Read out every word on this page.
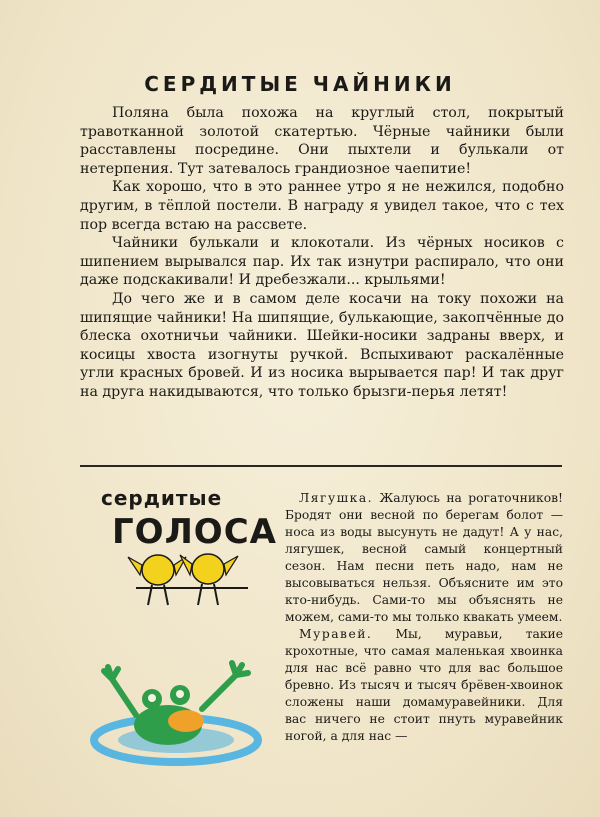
СЕРДИТЫЕ ЧАЙНИКИ

Поляна была похожа на круглый стол, покрытый травотканной золотой скатертью. Чёрные чайники были расставлены посредине. Они пыхтели и булькали от нетерпения. Тут затевалось грандиозное чаепитие!

Как хорошо, что в это раннее утро я не нежился, подобно другим, в тёплой постели. В награду я увидел такое, что с тех пор всегда встаю на рассвете.

Чайники булькали и клокотали. Из чёрных носиков с шипением вырывался пар. Их так изнутри распирало, что они даже подскакивали! И дребезжали... крыльями!

До чего же и в самом деле косачи на току похожи на шипящие чайники! На шипящие, булькающие, закопчённые до блеска охотничьи чайники. Шейки-носики задраны вверх, и косицы хвоста изогнуты ручкой. Вспыхивают раскалённые угли красных бровей. И из носика вырывается пар! И так друг на друга накидываются, что только брызги-перья летят!

сердитые
ГОЛОСА

Лягушка. Жалуюсь на рогаточников! Бродят они весной по берегам болот — носа из воды высунуть не дадут! А у нас, лягушек, весной самый концертный сезон. Нам песни петь надо, нам не высовываться нельзя. Объясните им это кто-нибудь. Сами-то мы объяснять не можем, сами-то мы только квакать умеем.

Муравей. Мы, муравьи, такие крохотные, что самая маленькая хвоинка для нас всё равно что для вас большое бревно. Из тысяч и тысяч брёвен-хвоинок сложены наши домамуравейники. Для вас ничего не стоит пнуть муравейник ногой, а для нас —
